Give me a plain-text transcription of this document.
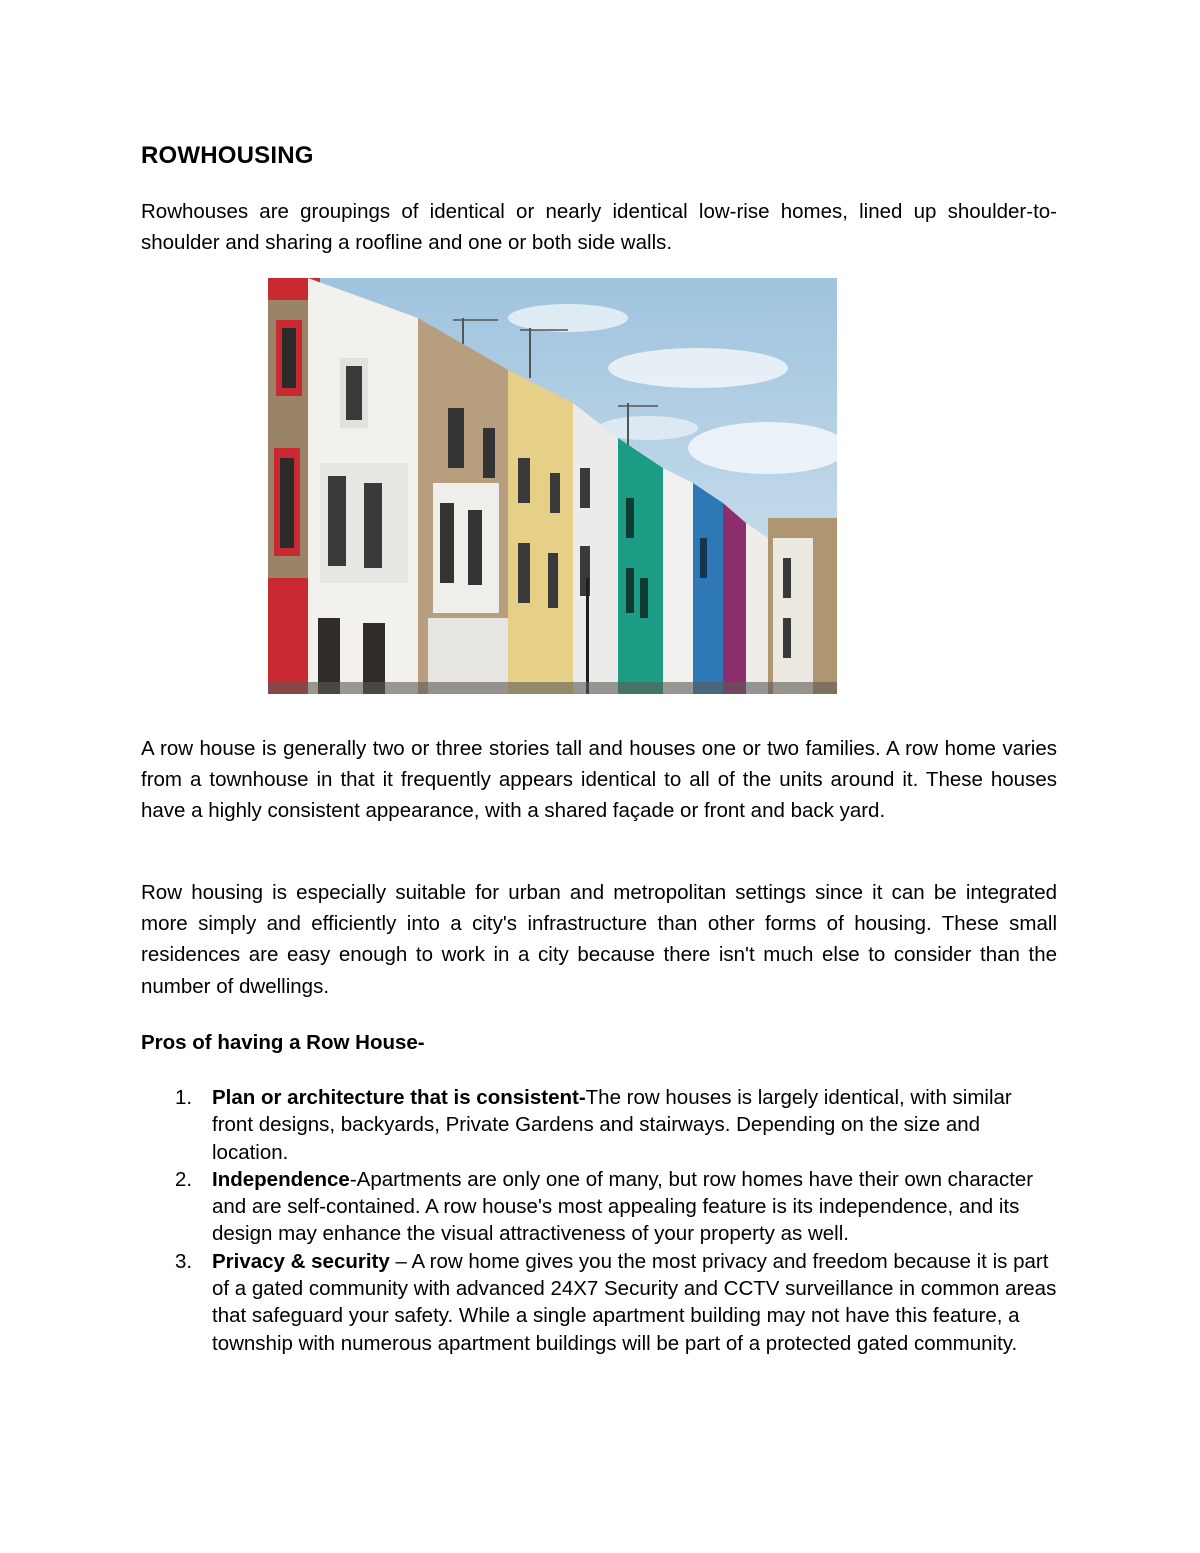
ROWHOUSING

Rowhouses are groupings of identical or nearly identical low-rise homes, lined up shoulder-to-shoulder and sharing a roofline and one or both side walls.

A row house is generally two or three stories tall and houses one or two families. A row home varies from a townhouse in that it frequently appears identical to all of the units around it. These houses have a highly consistent appearance, with a shared façade or front and back yard.

Row housing is especially suitable for urban and metropolitan settings since it can be integrated more simply and efficiently into a city's infrastructure than other forms of housing. These small residences are easy enough to work in a city because there isn't much else to consider than the number of dwellings.

Pros of having a Row House-
1. Plan or architecture that is consistent-The row houses is largely identical, with similar front designs, backyards, Private Gardens and stairways. Depending on the size and location.
2. Independence-Apartments are only one of many, but row homes have their own character and are self-contained. A row house's most appealing feature is its independence, and its design may enhance the visual attractiveness of your property as well.
3. Privacy & security – A row home gives you the most privacy and freedom because it is part of a gated community with advanced 24X7 Security and CCTV surveillance in common areas that safeguard your safety. While a single apartment building may not have this feature, a township with numerous apartment buildings will be part of a protected gated community.
